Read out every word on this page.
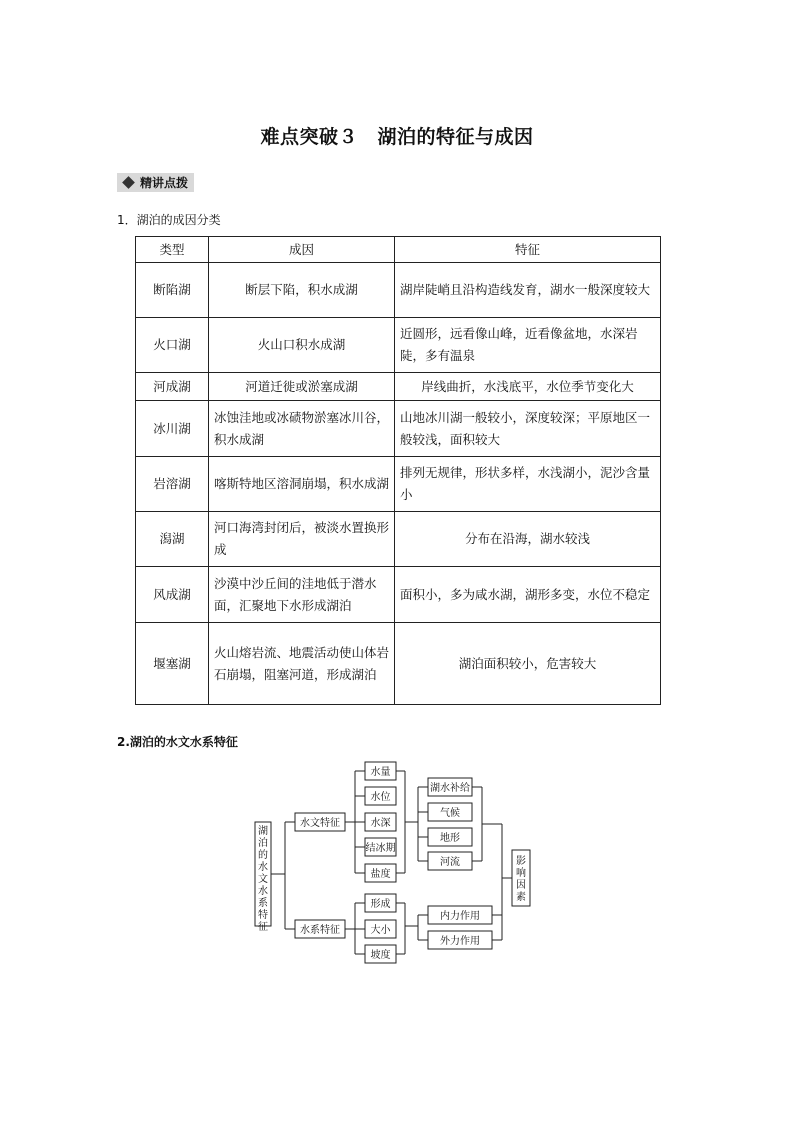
难点突破３　湖泊的特征与成因
精讲点拨
1．湖泊的成因分类
类型	成因	特征
断陷湖	断层下陷，积水成湖	湖岸陡峭且沿构造线发育，湖水一般深度较大
火口湖	火山口积水成湖	近圆形，远看像山峰，近看像盆地，水深岩陡，多有温泉
河成湖	河道迁徙或淤塞成湖	岸线曲折，水浅底平，水位季节变化大
冰川湖	冰蚀洼地或冰碛物淤塞冰川谷，积水成湖	山地冰川湖一般较小，深度较深；平原地区一般较浅，面积较大
岩溶湖	喀斯特地区溶洞崩塌，积水成湖	排列无规律，形状多样，水浅湖小，泥沙含量小
潟湖	河口海湾封闭后，被淡水置换形成	分布在沿海，湖水较浅
风成湖	沙漠中沙丘间的洼地低于潜水面，汇聚地下水形成湖泊	面积小，多为咸水湖，湖形多变，水位不稳定
堰塞湖	火山熔岩流、地震活动使山体岩石崩塌，阻塞河道，形成湖泊	湖泊面积较小，危害较大
2.湖泊的水文水系特征
湖泊的水文水系特征
水文特征
水系特征
水量
水位
水深
结冰期
盐度
湖水补给
气候
地形
河流
形成
大小
坡度
内力作用
外力作用
影响因素
